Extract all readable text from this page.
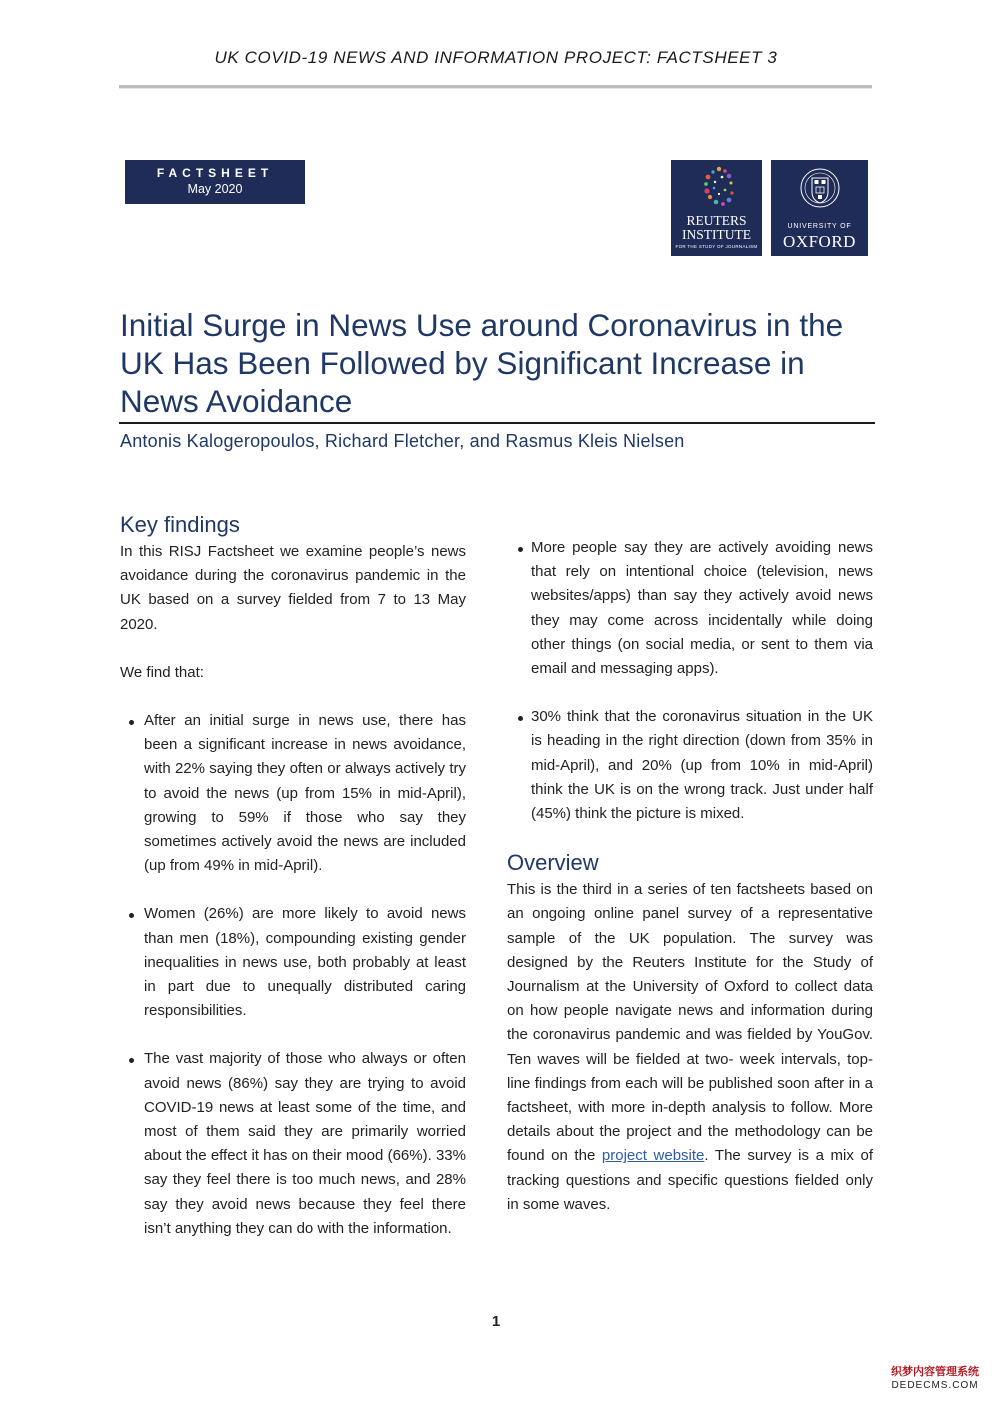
UK COVID-19 NEWS AND INFORMATION PROJECT: FACTSHEET 3
FACTSHEET
May 2020
REUTERS
INSTITUTE
FOR THE STUDY OF JOURNALISM
UNIVERSITY OF
OXFORD
Initial Surge in News Use around Coronavirus in the UK Has Been Followed by Significant Increase in News Avoidance

Antonis Kalogeropoulos, Richard Fletcher, and Rasmus Kleis Nielsen

Key findings

In this RISJ Factsheet we examine people’s news avoidance during the coronavirus pandemic in the UK based on a survey fielded from 7 to 13 May 2020.

We find that:

After an initial surge in news use, there has been a significant increase in news avoidance, with 22% saying they often or always actively try to avoid the news (up from 15% in mid-April), growing to 59% if those who say they sometimes actively avoid the news are included (up from 49% in mid-April).
Women (26%) are more likely to avoid news than men (18%), compounding existing gender inequalities in news use, both probably at least in part due to unequally distributed caring responsibilities.
The vast majority of those who always or often avoid news (86%) say they are trying to avoid COVID-19 news at least some of the time, and most of them said they are primarily worried about the effect it has on their mood (66%). 33% say they feel there is too much news, and 28% say they avoid news because they feel there isn’t anything they can do with the information.
More people say they are actively avoiding news that rely on intentional choice (television, news websites/apps) than say they actively avoid news they may come across incidentally while doing other things (on social media, or sent to them via email and messaging apps).
30% think that the coronavirus situation in the UK is heading in the right direction (down from 35% in mid-April), and 20% (up from 10% in mid-April) think the UK is on the wrong track. Just under half (45%) think the picture is mixed.
Overview

This is the third in a series of ten factsheets based on an ongoing online panel survey of a representative sample of the UK population. The survey was designed by the Reuters Institute for the Study of Journalism at the University of Oxford to collect data on how people navigate news and information during the coronavirus pandemic and was fielded by YouGov. Ten waves will be fielded at two- week intervals, top-line findings from each will be published soon after in a factsheet, with more in-depth analysis to follow. More details about the project and the methodology can be found on the project website. The survey is a mix of tracking questions and specific questions fielded only in some waves.

1
织梦内容管理系统
DEDECMS.COM
